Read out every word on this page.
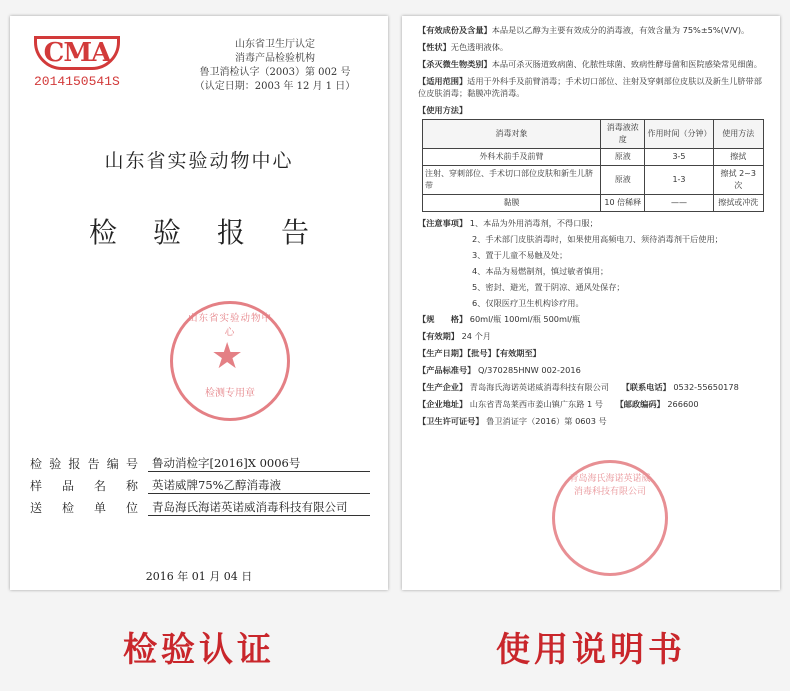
CMA
2014150541S
山东省卫生厅认定
消毒产品检验机构
鲁卫消检认字（2003）第 002 号
（认定日期：2003 年 12 月 1 日）
山东省实验动物中心
检验报告
山东省实验动物中心
★
检测专用章
检验报告编号	鲁动消检字[2016]X 0006号
样品名称	英诺威牌75%乙醇消毒液
送检单位	青岛海氏海诺英诺威消毒科技有限公司
2016 年 01 月 04 日

【有效成份及含量】本品是以乙醇为主要有效成分的消毒液，有效含量为 75%±5%(V/V)。

【性状】无色透明液体。

【杀灭微生物类别】本品可杀灭肠道致病菌、化脓性球菌、致病性酵母菌和医院感染常见细菌。

【适用范围】适用于外科手及前臂消毒；手术切口部位、注射及穿刺部位皮肤以及新生儿脐带部位皮肤消毒；黏膜冲洗消毒。

【使用方法】

消毒对象	消毒液浓度	作用时间（分钟）	使用方法
外科术前手及前臂	原液	3-5	擦拭
注射、穿刺部位、手术切口部位皮肤和新生儿脐带	原液	1-3	擦拭 2~3 次
黏膜	10 倍稀释	——	擦拭或冲洗
【注意事项】 1、本品为外用消毒剂，不得口服；
2、手术部门皮肤消毒时，如果使用高频电刀、须待消毒剂干后使用；
3、置于儿童不易触及处；
4、本品为易燃制剂，慎过敏者慎用；
5、密封、避光，置于阴凉、通风处保存；
6、仅限医疗卫生机构诊疗用。

【规　　格】 60ml/瓶 100ml/瓶 500ml/瓶

【有效期】 24 个月

【生产日期】【批号】【有效期至】

【产品标准号】 Q/370285HNW 002-2016

【生产企业】 青岛海氏海诺英诺威消毒科技有限公司 【联系电话】 0532-55650178

【企业地址】 山东省青岛莱西市姜山镇广东路 1 号 【邮政编码】 266600

【卫生许可证号】 鲁卫消证字（2016）第 0603 号

青岛海氏海诺英诺威消毒科技有限公司
检验认证	使用说明书
